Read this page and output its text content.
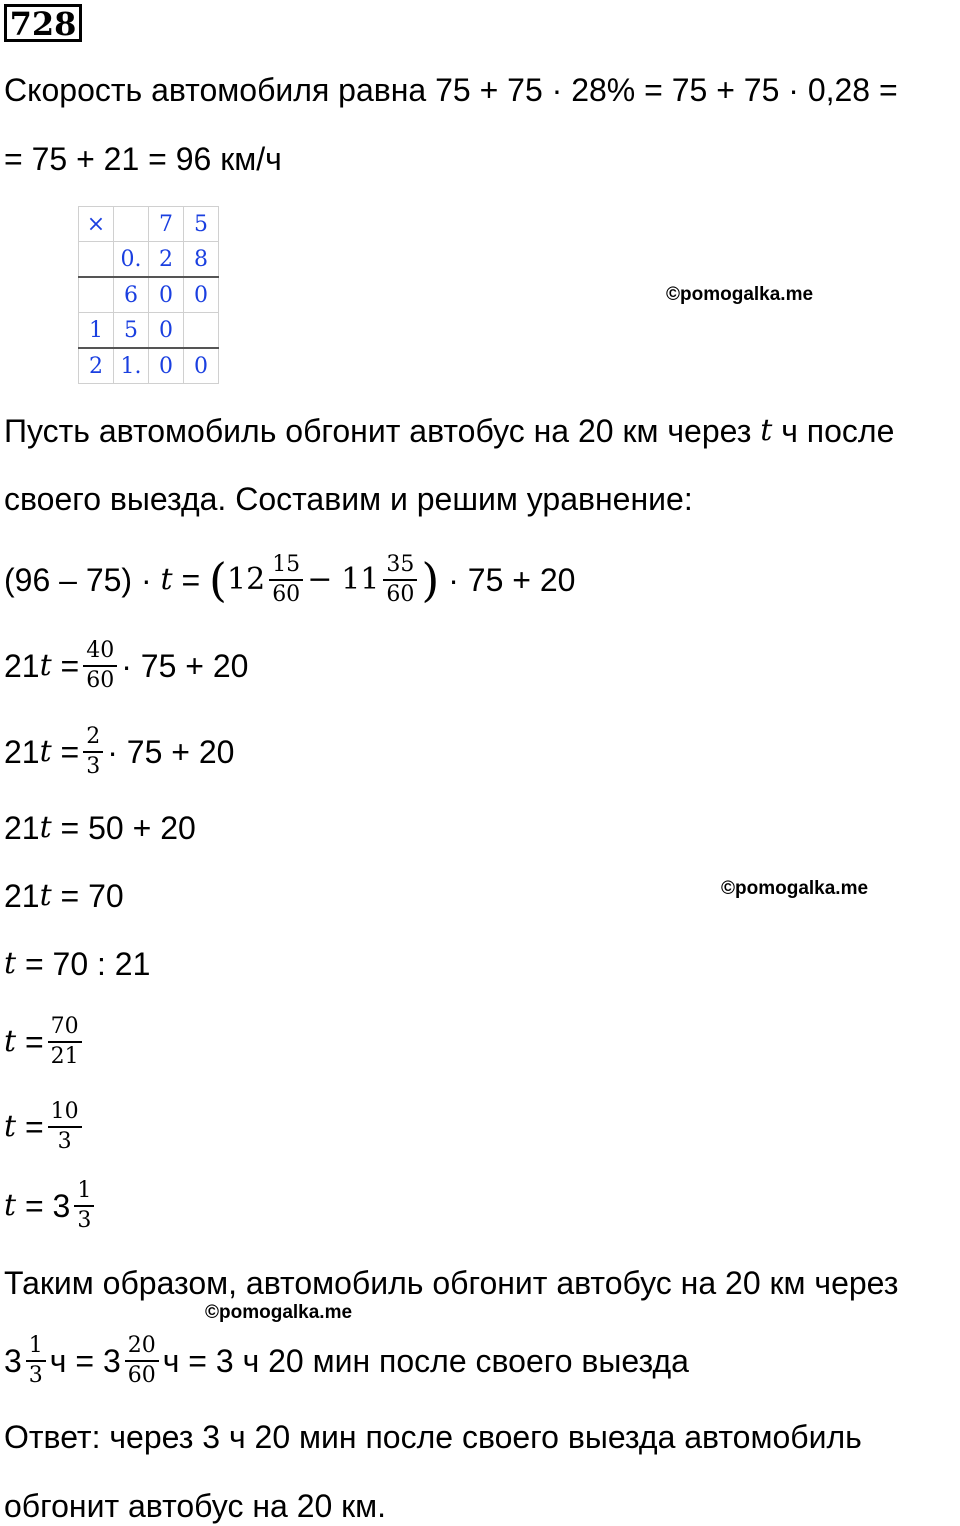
728
Скорость автомобиля равна 75 + 75 · 28% = 75 + 75 · 0,28 =
= 75 + 21 = 96 км/ч
×		7	5
	0.	2	8
	6	0	0
1	5	0	
2	1.	0	0
©pomogalka.me
Пусть автомобиль обгонит автобус на 20 км через
t
ч после
своего выезда. Составим и решим уравнение:
(96 – 75) ·
t
=
( $12 \frac{15}{60}$ −
$11 \frac{35}{60}$ )
· 75 + 20
21 t
= $\frac{40}{60} \cdot 75 + 20$
21 t
= $\frac{2}{3} \cdot 75 + 20$
21 t
= 50 + 20
21 t
= 70	©pomogalka.me
t
= 70 : 21
t
= $\frac{70}{21}$
t
= $\frac{10}{3}$
t
= $3 \frac{1}{3}$
Таким образом, автомобиль обгонит автобус на 20 км через
©pomogalka.me
$3 \frac{1}{3}$ $ч = 3 \frac{20}{60}$ ч = 3 ч 20 мин после своего выезда
Ответ: через 3 ч 20 мин после своего выезда автомобиль
обгонит автобус на 20 км.
